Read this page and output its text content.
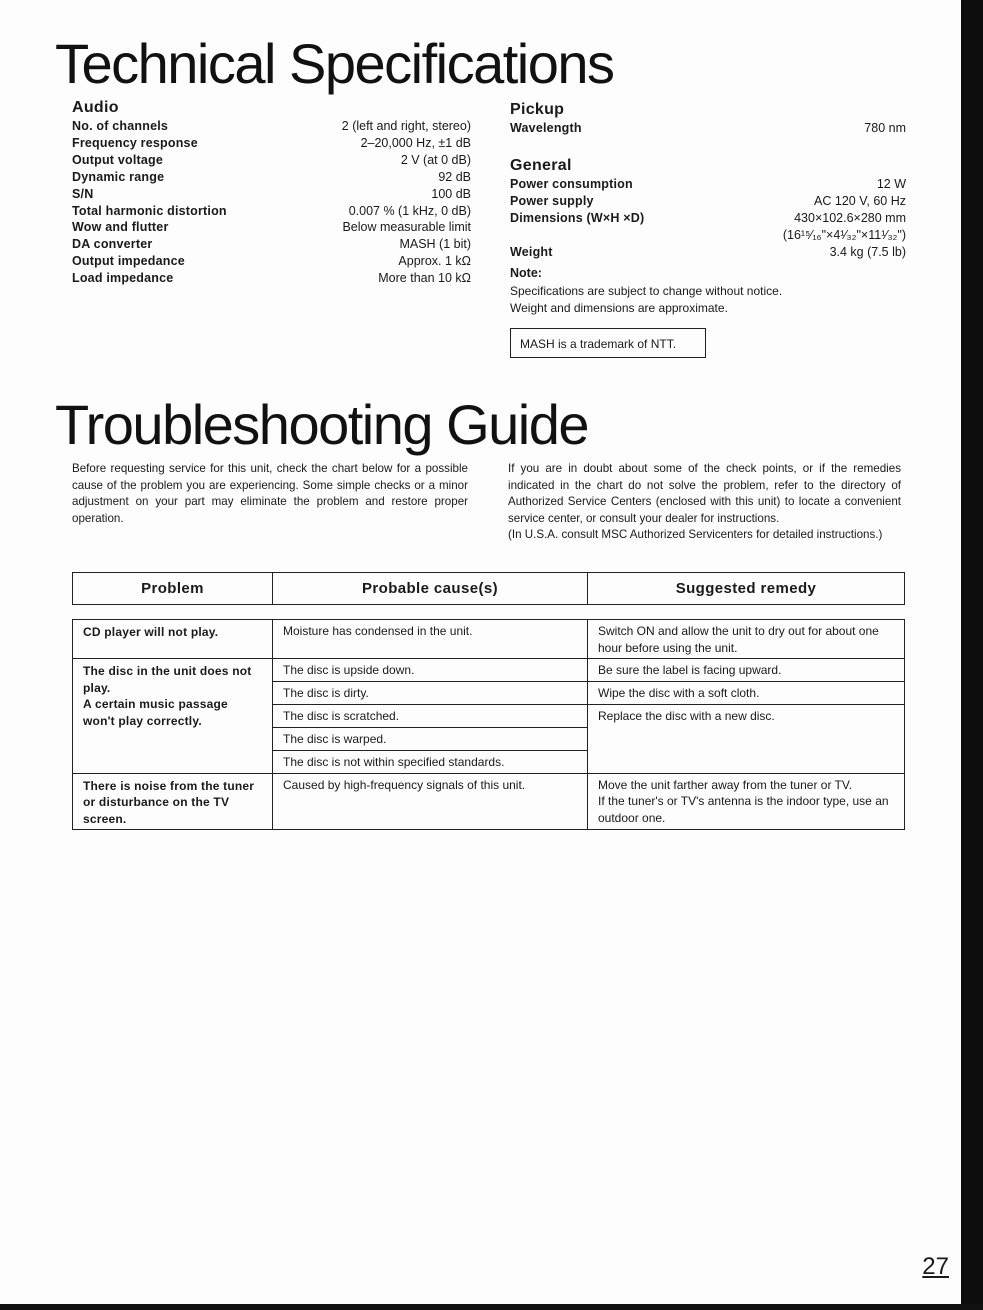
Technical Specifications
Audio
No. of channels	2 (left and right, stereo)
Frequency response	2–20,000 Hz, ±1 dB
Output voltage	2 V (at 0 dB)
Dynamic range	92 dB
S/N	100 dB
Total harmonic distortion	0.007 % (1 kHz, 0 dB)
Wow and flutter	Below measurable limit
DA converter	MASH (1 bit)
Output impedance	Approx. 1 kΩ
Load impedance	More than 10 kΩ
Pickup
Wavelength	780 nm
General
Power consumption	12 W
Power supply	AC 120 V, 60 Hz
Dimensions (W×H ×D)	430×102.6×280 mm
(16¹⁵⁄₁₆"×4¹⁄₃₂"×11¹⁄₃₂")
Weight	3.4 kg (7.5 lb)
Note:
Specifications are subject to change without notice.
Weight and dimensions are approximate.
MASH is a trademark of NTT.
Troubleshooting Guide

Before requesting service for this unit, check the chart below for a possible cause of the problem you are experiencing. Some simple checks or a minor adjustment on your part may eliminate the problem and restore proper operation.

If you are in doubt about some of the check points, or if the remedies indicated in the chart do not solve the problem, refer to the directory of Authorized Service Centers (enclosed with this unit) to locate a convenient service center, or consult your dealer for instructions.

(In U.S.A. consult MSC Authorized Servicenters for detailed instructions.)

Problem	Probable cause(s)	Suggested remedy
CD player will not play.	Moisture has condensed in the unit.	Switch ON and allow the unit to dry out for about one hour before using the unit.

The disc in the unit does not play.
A certain music passage won't play correctly.	The disc is upside down.	Be sure the label is facing upward.
	The disc is dirty.	Wipe the disc with a soft cloth.
	The disc is scratched.	Replace the disc with a new disc.
	The disc is warped.	
	The disc is not within specified standards.	
There is noise from the tuner or disturbance on the TV screen.	Caused by high-frequency signals of this unit.	Move the unit farther away from the tuner or TV.
If the tuner's or TV's antenna is the indoor type, use an outdoor one.
27
